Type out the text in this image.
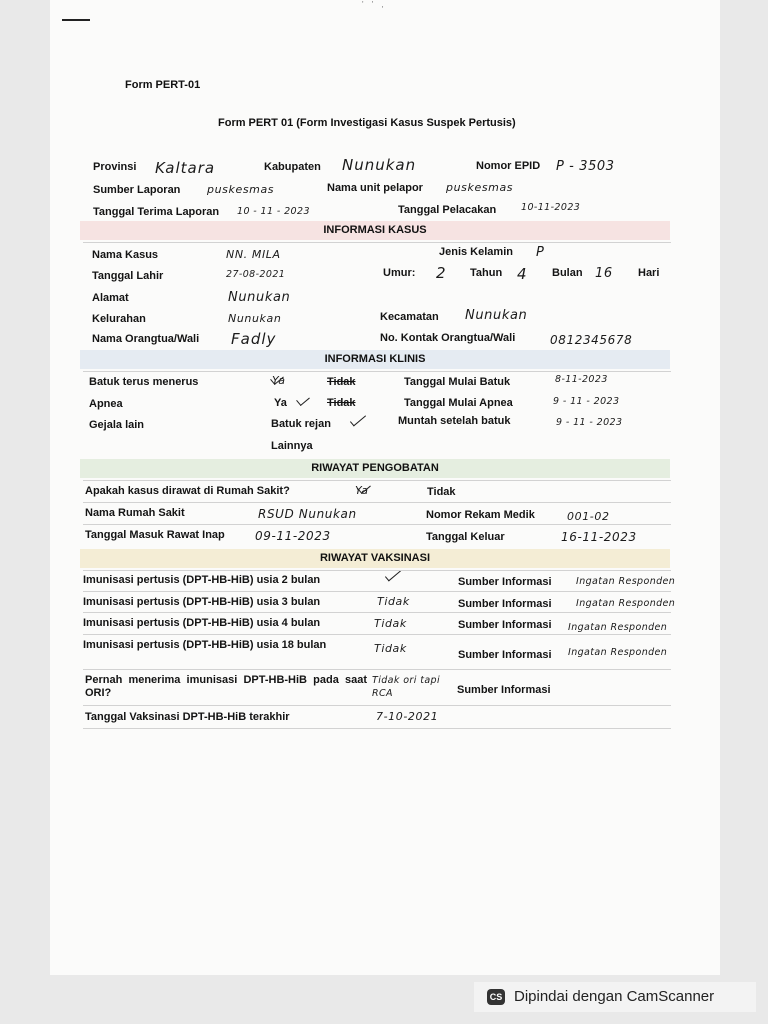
' ' ,
Form PERT-01
Form PERT 01 (Form Investigasi Kasus Suspek Pertusis)
Provinsi Kaltara	Kabupaten Nunukan	Nomor EPID P - 3503
Sumber Laporan puskesmas	Nama unit pelapor puskesmas
Tanggal Terima Laporan 10 - 11 - 2023	Tanggal Pelacakan	10-11-2023
INFORMASI KASUS
Nama Kasus	NN. MILA	Jenis Kelamin P
Tanggal Lahir	27-08-2021	Umur: 2 Tahun 4 Bulan 16 Hari
Alamat	Nunukan
Kelurahan	Nunukan	Kecamatan Nunukan
Nama Orangtua/Wali Fadly	No. Kontak Orangtua/Wali	0812345678
INFORMASI KLINIS
Batuk terus menerus	Ya	Tidak	Tanggal Mulai Batuk	8-11-2023
Apnea	Ya	Tidak	Tanggal Mulai Apnea	9 - 11 - 2023
Gejala lain	Batuk rejan	Muntah setelah batuk	9 - 11 - 2023
Lainnya
RIWAYAT PENGOBATAN
Apakah kasus dirawat di Rumah Sakit?	Ya	Tidak
Nama Rumah Sakit	RSUD Nunukan	Nomor Rekam Medik	001-02
Tanggal Masuk Rawat Inap	09-11-2023	Tanggal Keluar	16-11-2023
RIWAYAT VAKSINASI
Imunisasi pertusis (DPT-HB-HiB) usia 2 bulan	Sumber Informasi	Ingatan Responden
Imunisasi pertusis (DPT-HB-HiB) usia 3 bulan	Tidak	Sumber Informasi	Ingatan Responden
Imunisasi pertusis (DPT-HB-HiB) usia 4 bulan	Tidak	Sumber Informasi Ingatan Responden
Imunisasi pertusis (DPT-HB-HiB) usia 18 bulan	Tidak	Sumber Informasi Ingatan Responden
Pernah menerima imunisasi DPT-HB-HiB pada saat ORI?
Tidak ori tapi RCA	Sumber Informasi
Tanggal Vaksinasi DPT-HB-HiB terakhir	7-10-2021
CS Dipindai dengan CamScanner
